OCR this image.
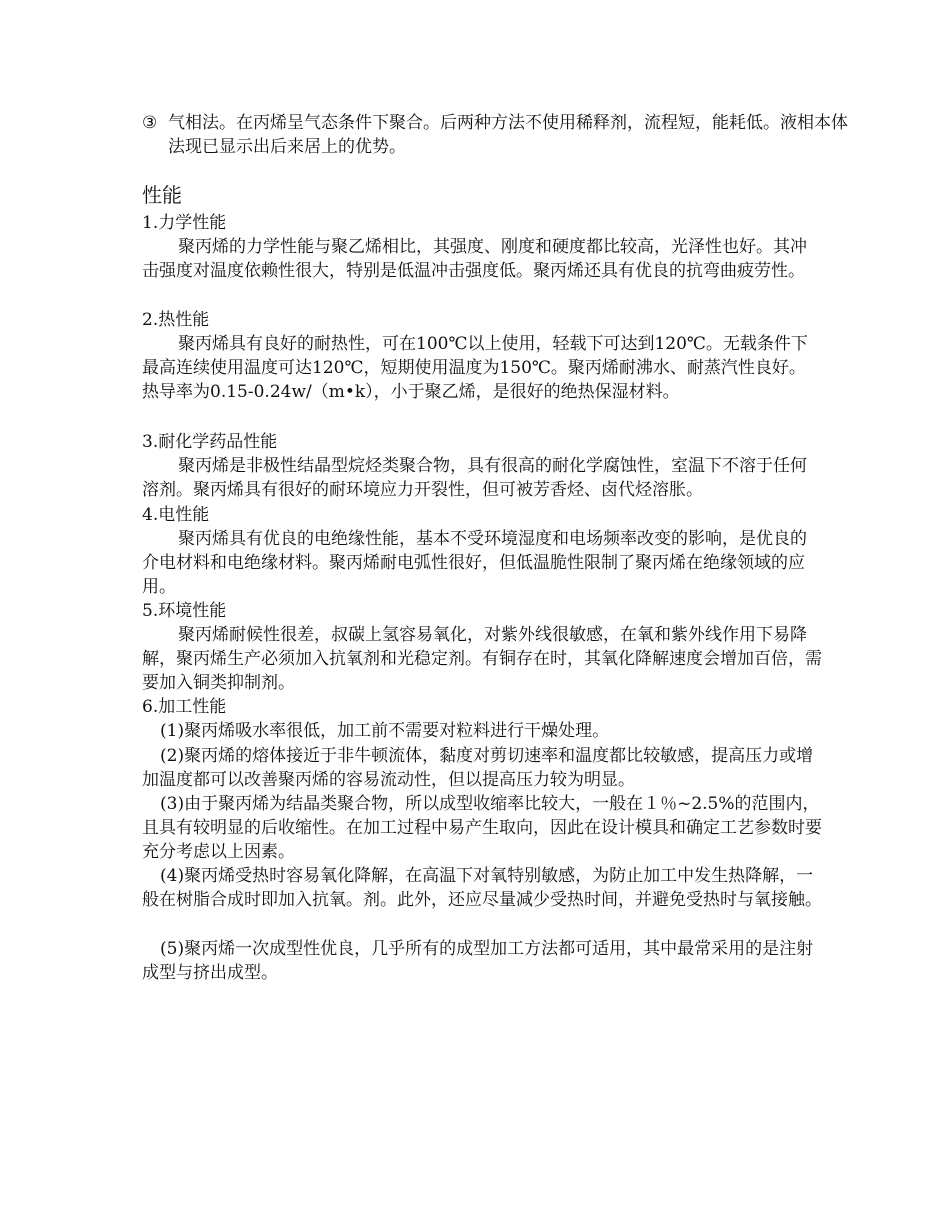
③ 气相法。在丙烯呈气态条件下聚合。后两种方法不使用稀释剂，流程短，能耗低。液相本体法现已显示出后来居上的优势。
性能
1.力学性能

聚丙烯的力学性能与聚乙烯相比，其强度、刚度和硬度都比较高，光泽性也好。其冲击强度对温度依赖性很大，特别是低温冲击强度低。聚丙烯还具有优良的抗弯曲疲劳性。

2.热性能

聚丙烯具有良好的耐热性，可在100℃以上使用，轻载下可达到120℃。无载条件下最高连续使用温度可达120℃，短期使用温度为150℃。聚丙烯耐沸水、耐蒸汽性良好。热导率为0.15-0.24w/（m•k），小于聚乙烯，是很好的绝热保湿材料。

3.耐化学药品性能

聚丙烯是非极性结晶型烷烃类聚合物，具有很高的耐化学腐蚀性，室温下不溶于任何溶剂。聚丙烯具有很好的耐环境应力开裂性，但可被芳香烃、卤代烃溶胀。

4.电性能

聚丙烯具有优良的电绝缘性能，基本不受环境湿度和电场频率改变的影响，是优良的介电材料和电绝缘材料。聚丙烯耐电弧性很好，但低温脆性限制了聚丙烯在绝缘领域的应用。

5.环境性能

聚丙烯耐候性很差，叔碳上氢容易氧化，对紫外线很敏感，在氧和紫外线作用下易降解，聚丙烯生产必须加入抗氧剂和光稳定剂。有铜存在时，其氧化降解速度会增加百倍，需要加入铜类抑制剂。

6.加工性能

(1)聚丙烯吸水率很低，加工前不需要对粒料进行干燥处理。

(2)聚丙烯的熔体接近于非牛顿流体，黏度对剪切速率和温度都比较敏感，提高压力或增加温度都可以改善聚丙烯的容易流动性，但以提高压力较为明显。

(3)由于聚丙烯为结晶类聚合物，所以成型收缩率比较大，一般在１％~2.5%的范围内，且具有较明显的后收缩性。在加工过程中易产生取向，因此在设计模具和确定工艺参数时要充分考虑以上因素。

(4)聚丙烯受热时容易氧化降解，在高温下对氧特别敏感，为防止加工中发生热降解，一般在树脂合成时即加入抗氧。剂。此外，还应尽量减少受热时间，并避免受热时与氧接触。

(5)聚丙烯一次成型性优良，几乎所有的成型加工方法都可适用，其中最常采用的是注射成型与挤出成型。
